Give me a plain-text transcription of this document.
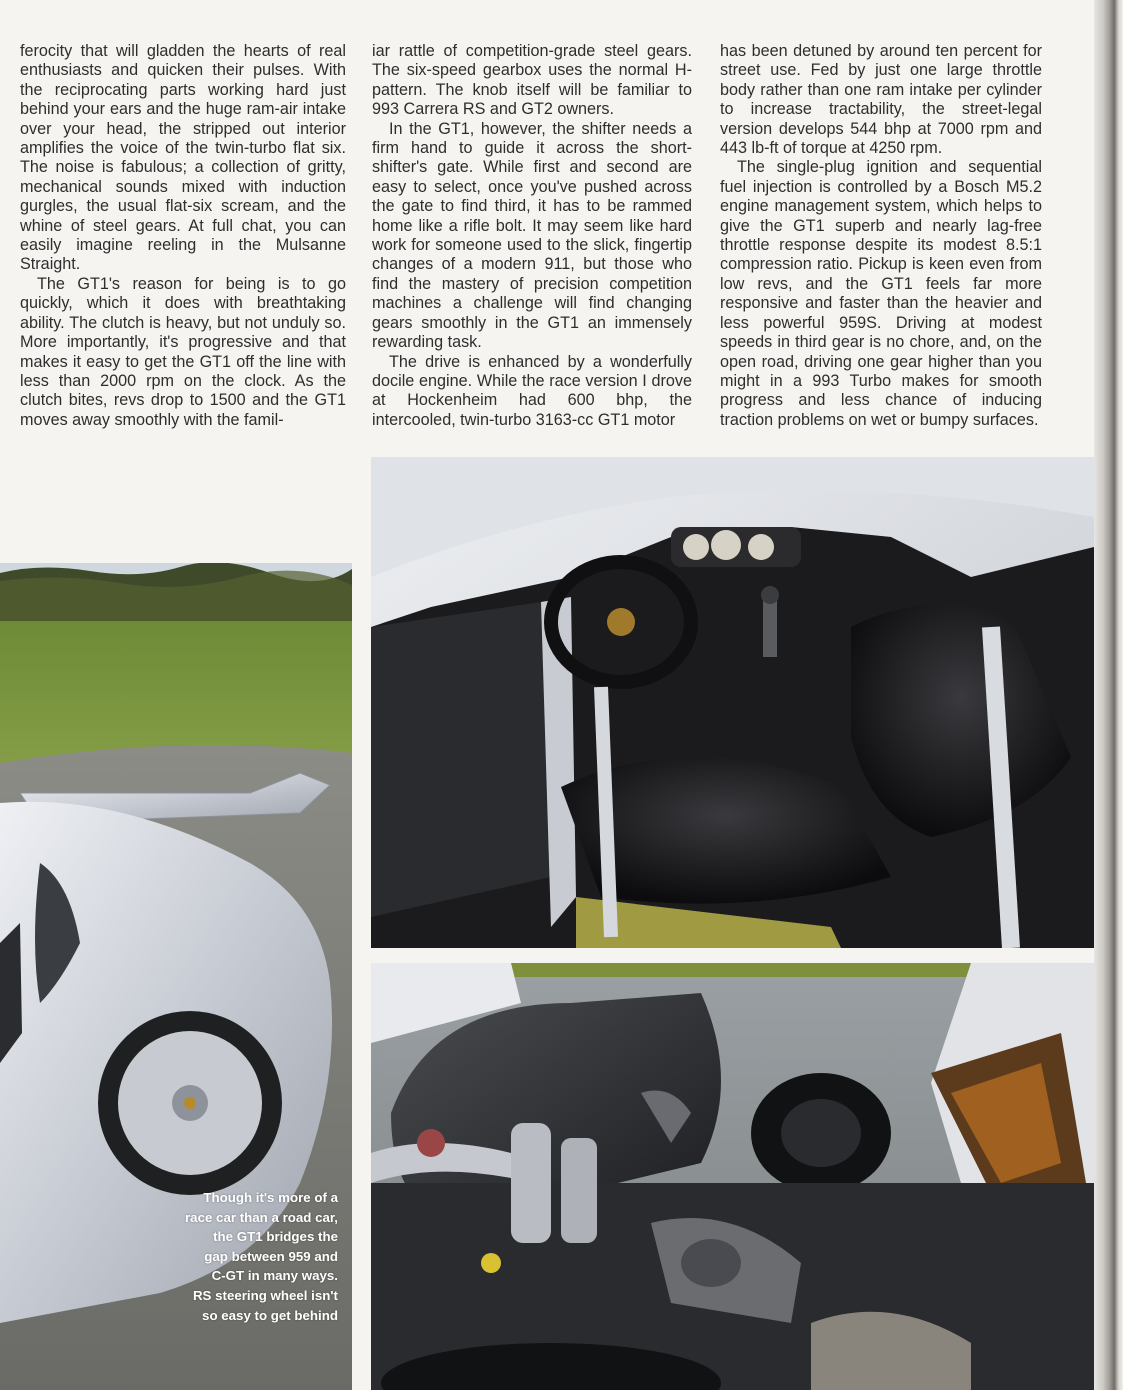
ferocity that will gladden the hearts of real enthusiasts and quicken their pulses. With the reciprocating parts working hard just behind your ears and the huge ram-air intake over your head, the stripped out interior amplifies the voice of the twin-turbo flat six. The noise is fabulous; a collection of gritty, mechanical sounds mixed with induction gurgles, the usual flat-six scream, and the whine of steel gears. At full chat, you can easily imagine reeling in the Mulsanne Straight.

The GT1's reason for being is to go quickly, which it does with breathtaking ability. The clutch is heavy, but not unduly so. More importantly, it's progressive and that makes it easy to get the GT1 off the line with less than 2000 rpm on the clock. As the clutch bites, revs drop to 1500 and the GT1 moves away smoothly with the famil-

iar rattle of competition-grade steel gears. The six-speed gearbox uses the normal H-pattern. The knob itself will be familiar to 993 Carrera RS and GT2 owners.

In the GT1, however, the shifter needs a firm hand to guide it across the short-shifter's gate. While first and second are easy to select, once you've pushed across the gate to find third, it has to be rammed home like a rifle bolt. It may seem like hard work for someone used to the slick, fingertip changes of a modern 911, but those who find the mastery of precision competition machines a challenge will find changing gears smoothly in the GT1 an immensely rewarding task.

The drive is enhanced by a wonderfully docile engine. While the race version I drove at Hockenheim had 600 bhp, the intercooled, twin-turbo 3163-cc GT1 motor

has been detuned by around ten percent for street use. Fed by just one large throttle body rather than one ram intake per cylinder to increase tractability, the street-legal version develops 544 bhp at 7000 rpm and 443 lb-ft of torque at 4250 rpm.

The single-plug ignition and sequential fuel injection is controlled by a Bosch M5.2 engine management system, which helps to give the GT1 superb and nearly lag-free throttle response despite its modest 8.5:1 compression ratio. Pickup is keen even from low revs, and the GT1 feels far more responsive and faster than the heavier and less powerful 959S. Driving at modest speeds in third gear is no chore, and, on the open road, driving one gear higher than you might in a 993 Turbo makes for smooth progress and less chance of inducing traction problems on wet or bumpy surfaces.

Though it's more of a

race car than a road car,

the GT1 bridges the

gap between 959 and

C-GT in many ways.

RS steering wheel isn't

so easy to get behind
